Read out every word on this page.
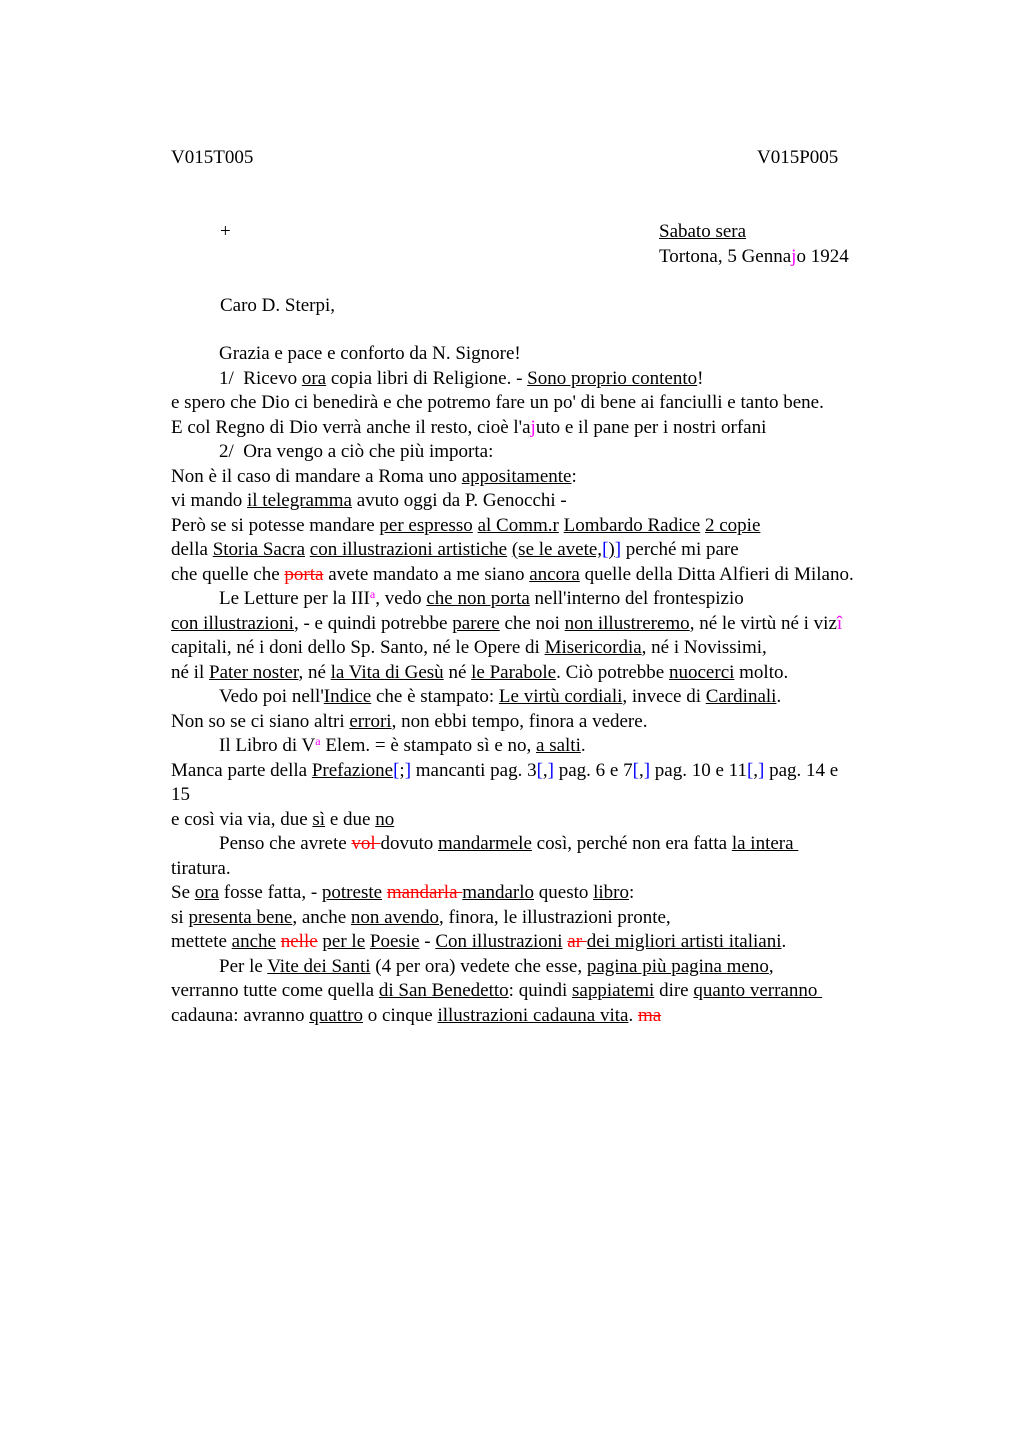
V015T005	V015P005
+	Sabato sera
Tortona, 5 Gennajo 1924
Caro D. Sterpi,
Grazia e pace e conforto da N. Signore!
1/  Ricevo ora copia libri di Religione. - Sono proprio contento!
e spero che Dio ci benedirà e che potremo fare un po' di bene ai fanciulli e tanto bene.
E col Regno di Dio verrà anche il resto, cioè l'ajuto e il pane per i nostri orfani
2/  Ora vengo a ciò che più importa:
Non è il caso di mandare a Roma uno appositamente:
vi mando il telegramma avuto oggi da P. Genocchi -
Però se si potesse mandare per espresso al Comm.r Lombardo Radice 2 copie
della Storia Sacra con illustrazioni artistiche (se le avete,[)] perché mi pare
che quelle che porta avete mandato a me siano ancora quelle della Ditta Alfieri di Milano.
Le Letture per la III$^a$, vedo che non porta nell'interno del frontespizio
con illustrazioni, - e quindi potrebbe parere che noi non illustreremo, né le virtù né i vizî
capitali, né i doni dello Sp. Santo, né le Opere di Misericordia, né i Novissimi,
né il Pater noster, né la Vita di Gesù né le Parabole. Ciò potrebbe nuocerci molto.
Vedo poi nell'Indice che è stampato: Le virtù cordiali, invece di Cardinali.
Non so se ci siano altri errori, non ebbi tempo, finora a vedere.
Il Libro di $V^a$ Elem. = è stampato sì e no, a salti.
Manca parte della Prefazione[;] mancanti pag. 3[,] pag. 6 e 7[,] pag. 10 e 11[,] pag. 14 e
15
e così via via, due sì e due no
Penso che avrete vol dovuto mandarmele così, perché non era fatta la intera
tiratura.
Se ora fosse fatta, - potreste mandarla mandarlo questo libro:
si presenta bene, anche non avendo, finora, le illustrazioni pronte,
mettete anche nelle per le Poesie - Con illustrazioni ar dei migliori artisti italiani.
Per le Vite dei Santi (4 per ora) vedete che esse, pagina più pagina meno,
verranno tutte come quella di San Benedetto: quindi sappiatemi dire quanto verranno
cadauna: avranno quattro o cinque illustrazioni cadauna vita. ma
